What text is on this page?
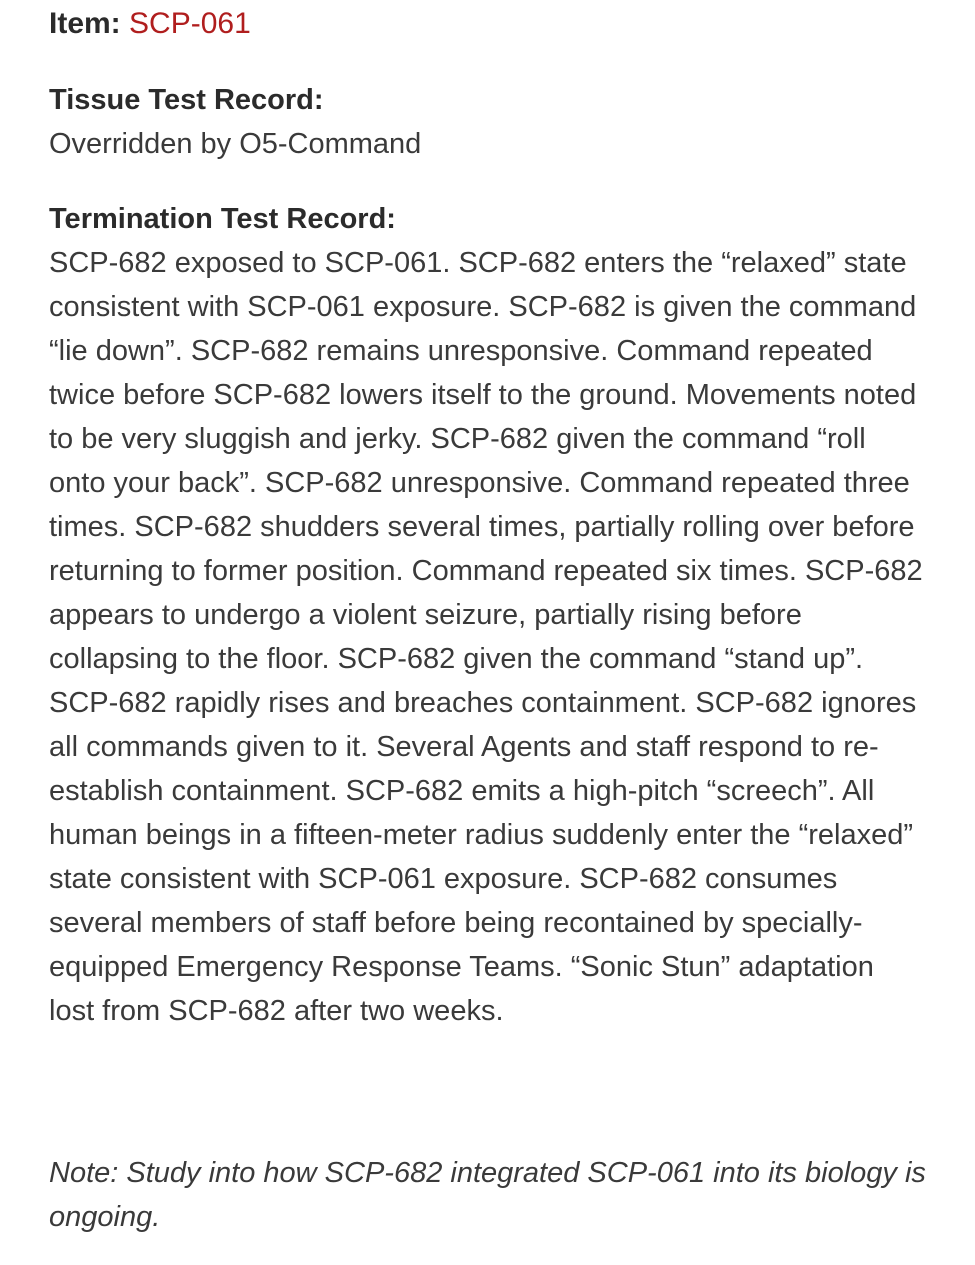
Item: SCP-061

Tissue Test Record:
Overridden by O5-Command

Termination Test Record:
SCP-682 exposed to SCP-061. SCP-682 enters the “relaxed” state consistent with SCP-061 exposure. SCP-682 is given the command “lie down”. SCP-682 remains unresponsive. Command repeated twice before SCP-682 lowers itself to the ground. Movements noted to be very sluggish and jerky. SCP-682 given the command “roll onto your back”. SCP-682 unresponsive. Command repeated three times. SCP-682 shudders several times, partially rolling over before returning to former position. Command repeated six times. SCP-682 appears to undergo a violent seizure, partially rising before collapsing to the floor. SCP-682 given the command “stand up”. SCP-682 rapidly rises and breaches containment. SCP-682 ignores all commands given to it. Several Agents and staff respond to re-establish containment. SCP-682 emits a high-pitch “screech”. All human beings in a fifteen-meter radius suddenly enter the “relaxed” state consistent with SCP-061 exposure. SCP-682 consumes several members of staff before being recontained by specially-equipped Emergency Response Teams. “Sonic Stun” adaptation lost from SCP-682 after two weeks.

Note: Study into how SCP-682 integrated SCP-061 into its biology is ongoing.
